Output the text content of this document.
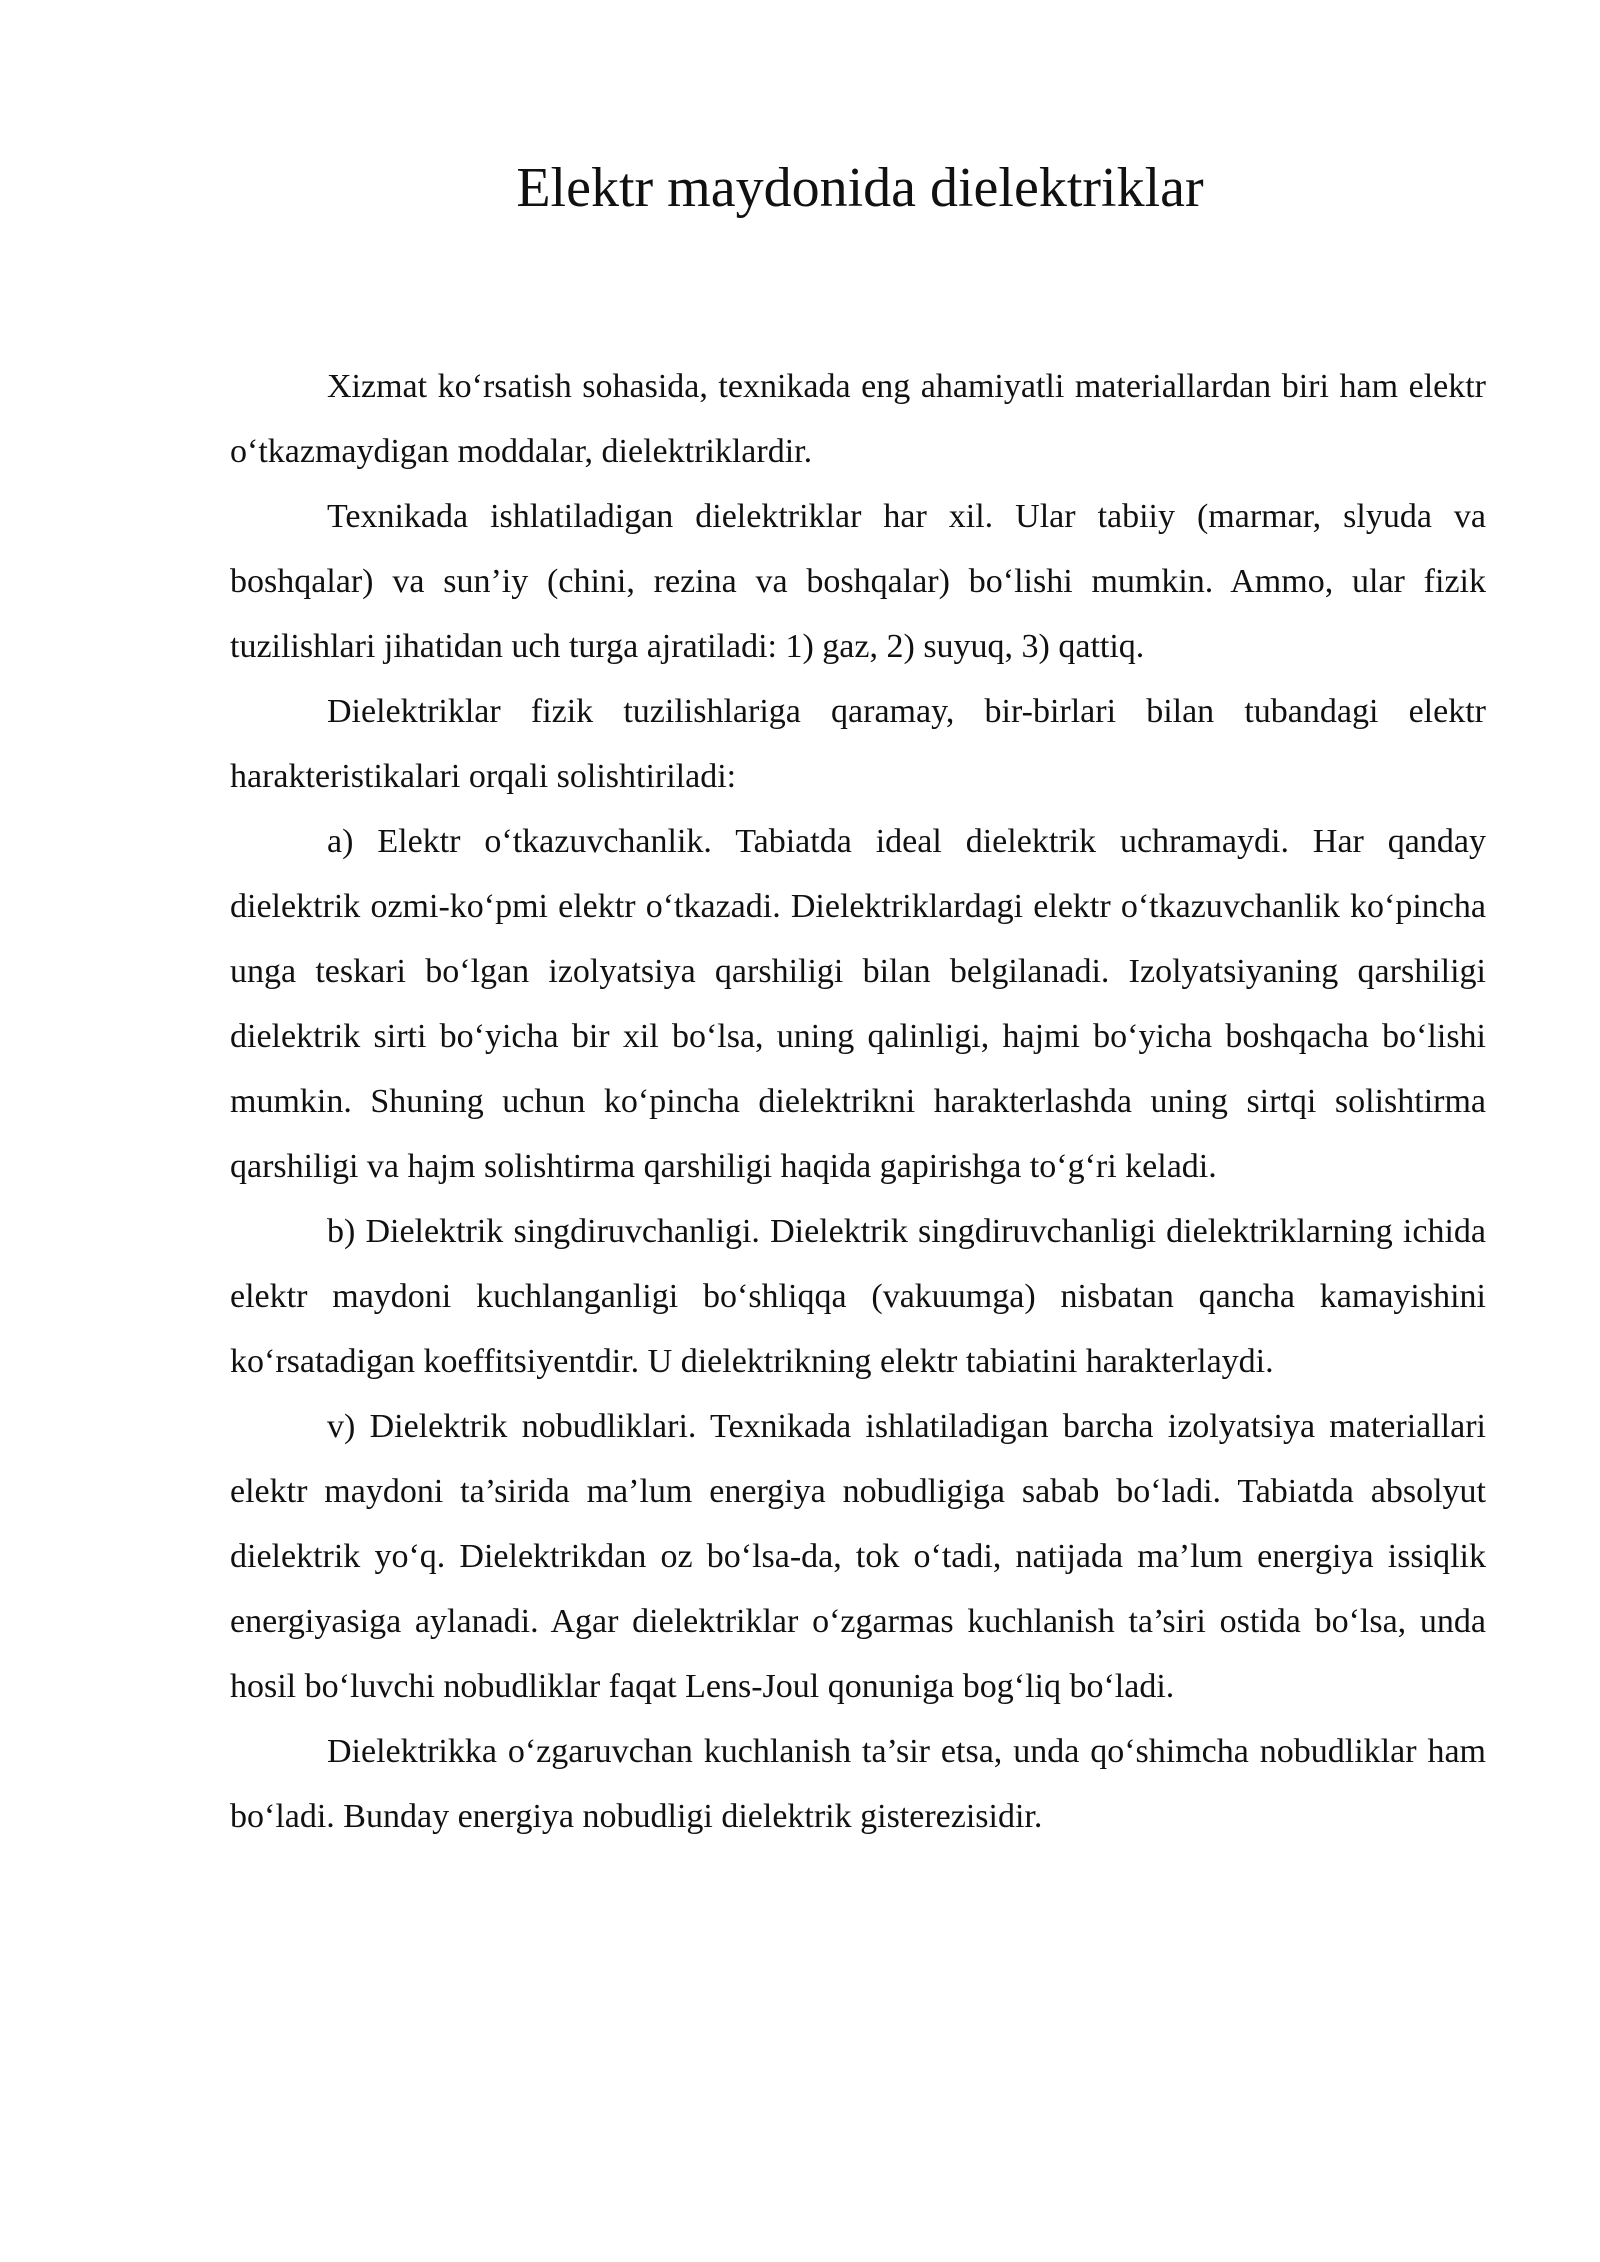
Elektr maydonida dielektriklar

Xizmat ko‘rsatish sohasida, texnikada eng ahamiyatli materiallardan biri ham elektr o‘tkazmaydigan moddalar, dielektriklardir.

Texnikada ishlatiladigan dielektriklar har xil. Ular tabiiy (marmar, slyuda va boshqalar) va sun’iy (chini, rezina va boshqalar) bo‘lishi mumkin. Ammo, ular fizik tuzilishlari jihatidan uch turga ajratiladi: 1) gaz, 2) suyuq, 3) qattiq.

Dielektriklar fizik tuzilishlariga qaramay, bir-birlari bilan tubandagi elektr harakteristikalari orqali solishtiriladi:

a) Elektr o‘tkazuvchanlik. Tabiatda ideal dielektrik uchramaydi. Har qanday dielektrik ozmi-ko‘pmi elektr o‘tkazadi. Dielektriklardagi elektr o‘tkazuvchanlik ko‘pincha unga teskari bo‘lgan izolyatsiya qarshiligi bilan belgilanadi. Izolyatsiyaning qarshiligi dielektrik sirti bo‘yicha bir xil bo‘lsa, uning qalinligi, hajmi bo‘yicha boshqacha bo‘lishi mumkin. Shuning uchun ko‘pincha dielektrikni harakterlashda uning sirtqi solishtirma qarshiligi va hajm solishtirma qarshiligi haqida gapirishga to‘g‘ri keladi.

b) Dielektrik singdiruvchanligi. Dielektrik singdiruvchanligi dielektriklarning ichida elektr maydoni kuchlanganligi bo‘shliqqa (vakuumga) nisbatan qancha kamayishini ko‘rsatadigan koeffitsiyentdir. U dielektrikning elektr tabiatini harakterlaydi.

v) Dielektrik nobudliklari. Texnikada ishlatiladigan barcha izolyatsiya materiallari elektr maydoni ta’sirida ma’lum energiya nobudligiga sabab bo‘ladi. Tabiatda absolyut dielektrik yo‘q. Dielektrikdan oz bo‘lsa-da, tok o‘tadi, natijada ma’lum energiya issiqlik energiyasiga aylanadi. Agar dielektriklar o‘zgarmas kuchlanish ta’siri ostida bo‘lsa, unda hosil bo‘luvchi nobudliklar faqat Lens-Joul qonuniga bog‘liq bo‘ladi.

Dielektrikka o‘zgaruvchan kuchlanish ta’sir etsa, unda qo‘shimcha nobudliklar ham bo‘ladi. Bunday energiya nobudligi dielektrik gisterezisidir.
